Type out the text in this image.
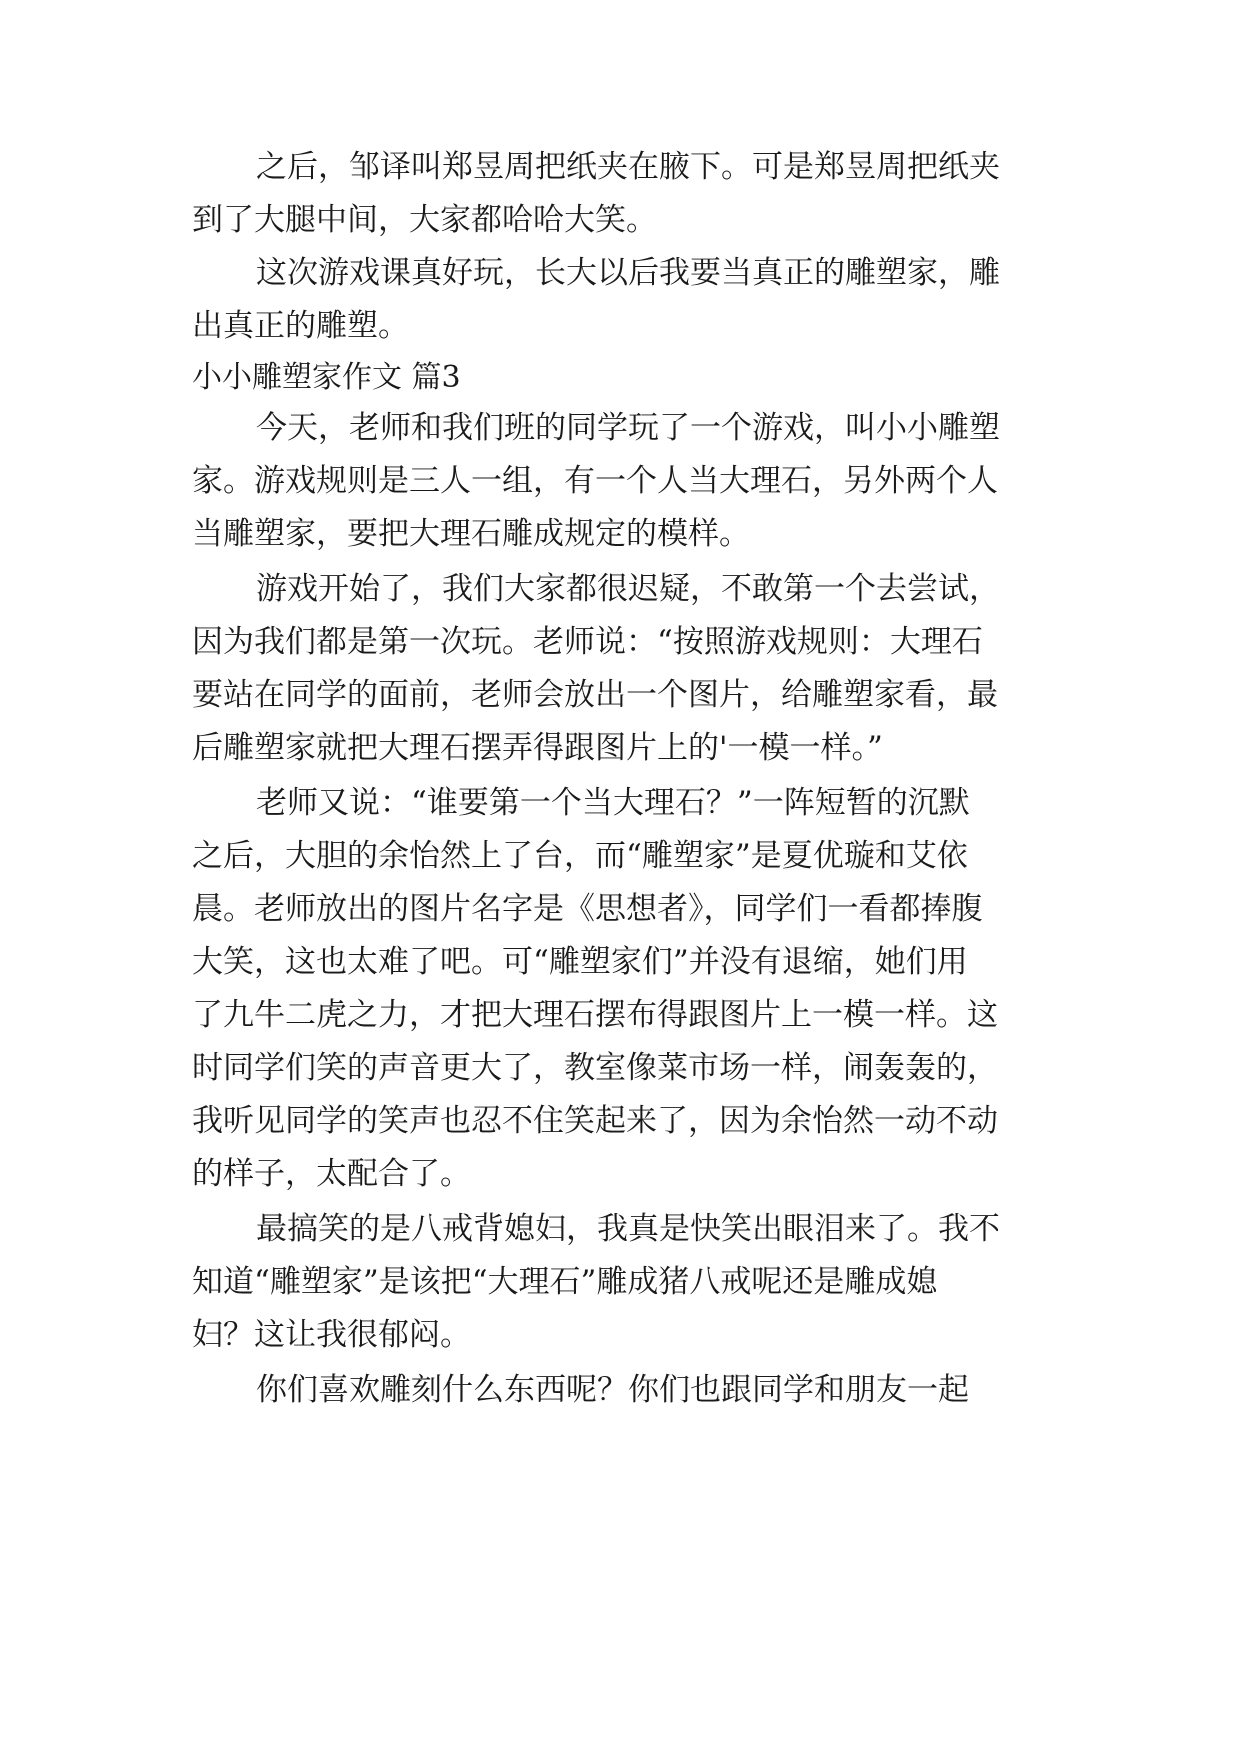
之后，邹译叫郑昱周把纸夹在腋下。可是郑昱周把纸夹
到了大腿中间，大家都哈哈大笑。
这次游戏课真好玩，长大以后我要当真正的雕塑家，雕
出真正的雕塑。
小小雕塑家作文 篇3
今天，老师和我们班的同学玩了一个游戏，叫小小雕塑
家。游戏规则是三人一组，有一个人当大理石，另外两个人
当雕塑家，要把大理石雕成规定的模样。
游戏开始了，我们大家都很迟疑，不敢第一个去尝试，
因为我们都是第一次玩。老师说：“按照游戏规则：大理石
要站在同学的面前，老师会放出一个图片，给雕塑家看，最
后雕塑家就把大理石摆弄得跟图片上的'一模一样。”
老师又说：“谁要第一个当大理石？”一阵短暂的沉默
之后，大胆的余怡然上了台，而“雕塑家”是夏优璇和艾依
晨。老师放出的图片名字是《思想者》，同学们一看都捧腹
大笑，这也太难了吧。可“雕塑家们”并没有退缩，她们用
了九牛二虎之力，才把大理石摆布得跟图片上一模一样。这
时同学们笑的声音更大了，教室像菜市场一样，闹轰轰的，
我听见同学的笑声也忍不住笑起来了，因为余怡然一动不动
的样子，太配合了。
最搞笑的是八戒背媳妇，我真是快笑出眼泪来了。我不
知道“雕塑家”是该把“大理石”雕成猪八戒呢还是雕成媳
妇？这让我很郁闷。
你们喜欢雕刻什么东西呢？你们也跟同学和朋友一起
